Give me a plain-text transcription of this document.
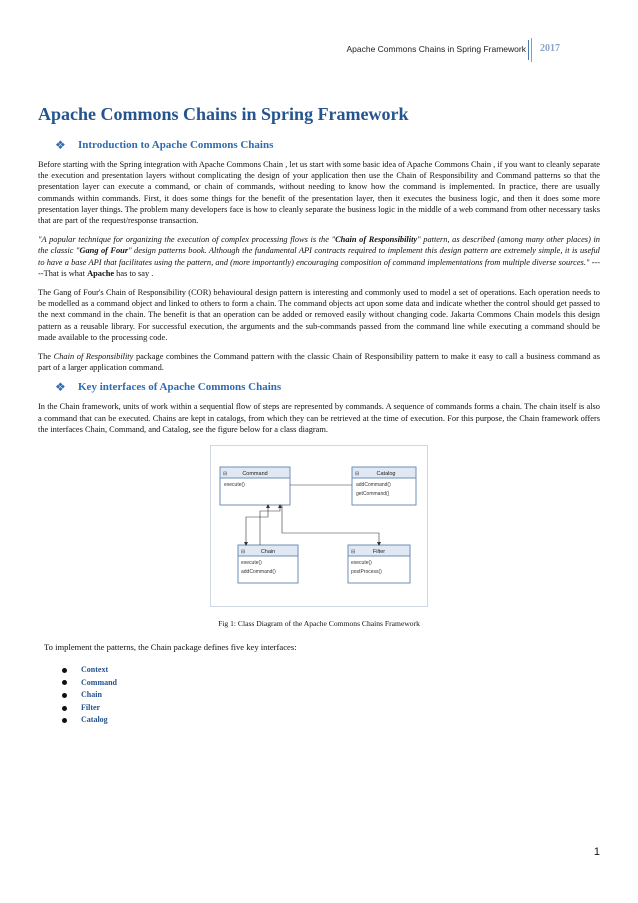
Apache Commons Chains in Spring Framework 2017
Apache Commons Chains in Spring Framework
❖ Introduction to Apache Commons Chains

Before starting with the Spring integration with Apache Commons Chain , let us start with some basic idea of Apache Commons Chain , if you want to cleanly separate the execution and presentation layers without complicating the design of your application then use the Chain of Responsibility and Command patterns so that the presentation layer can execute a command, or chain of commands, without needing to know how the command is implemented. In practice, there are usually commands within commands. First, it does some things for the benefit of the presentation layer, then it executes the business logic, and then it does some more presentation layer things. The problem many developers face is how to cleanly separate the business logic in the middle of a web command from other necessary tasks that are part of the request/response transaction.

"A popular technique for organizing the execution of complex processing flows is the "Chain of Responsibility" pattern, as described (among many other places) in the classic "Gang of Four" design patterns book. Although the fundamental API contracts required to implement this design pattern are extremely simple, it is useful to have a base API that facilitates using the pattern, and (more importantly) encouraging composition of command implementations from multiple diverse sources." -----That is what Apache has to say .

The Gang of Four's Chain of Responsibility (COR) behavioural design pattern is interesting and commonly used to model a set of operations. Each operation needs to be modelled as a command object and linked to others to form a chain. The command objects act upon some data and indicate whether the control should get passed to the next command in the chain. The benefit is that an operation can be added or removed easily without changing code. Jakarta Commons Chain models this design pattern as a reusable library. For successful execution, the arguments and the sub-commands passed from the command line while executing a command should be made available to the processing code.

The Chain of Responsibility package combines the Command pattern with the classic Chain of Responsibility pattern to make it easy to call a business command as part of a larger application command.

❖ Key interfaces of Apache Commons Chains

In the Chain framework, units of work within a sequential flow of steps are represented by commands. A sequence of commands forms a chain. The chain itself is also a command that can be executed. Chains are kept in catalogs, from which they can be retrieved at the time of execution. For this purpose, the Chain framework offers the interfaces Chain, Command, and Catalog, see the figure below for a class diagram.

⊟	Command
execute()
⊟	Catalog
addCommand()
getCommand()
⊟	Chain
execute()
addCommand()
⊟	Filter
execute()
postProcess()
Fig 1: Class Diagram of the Apache Commons Chains Framework

To implement the patterns, the Chain package defines five key interfaces:

Context
Command
Chain
Filter
Catalog
1
